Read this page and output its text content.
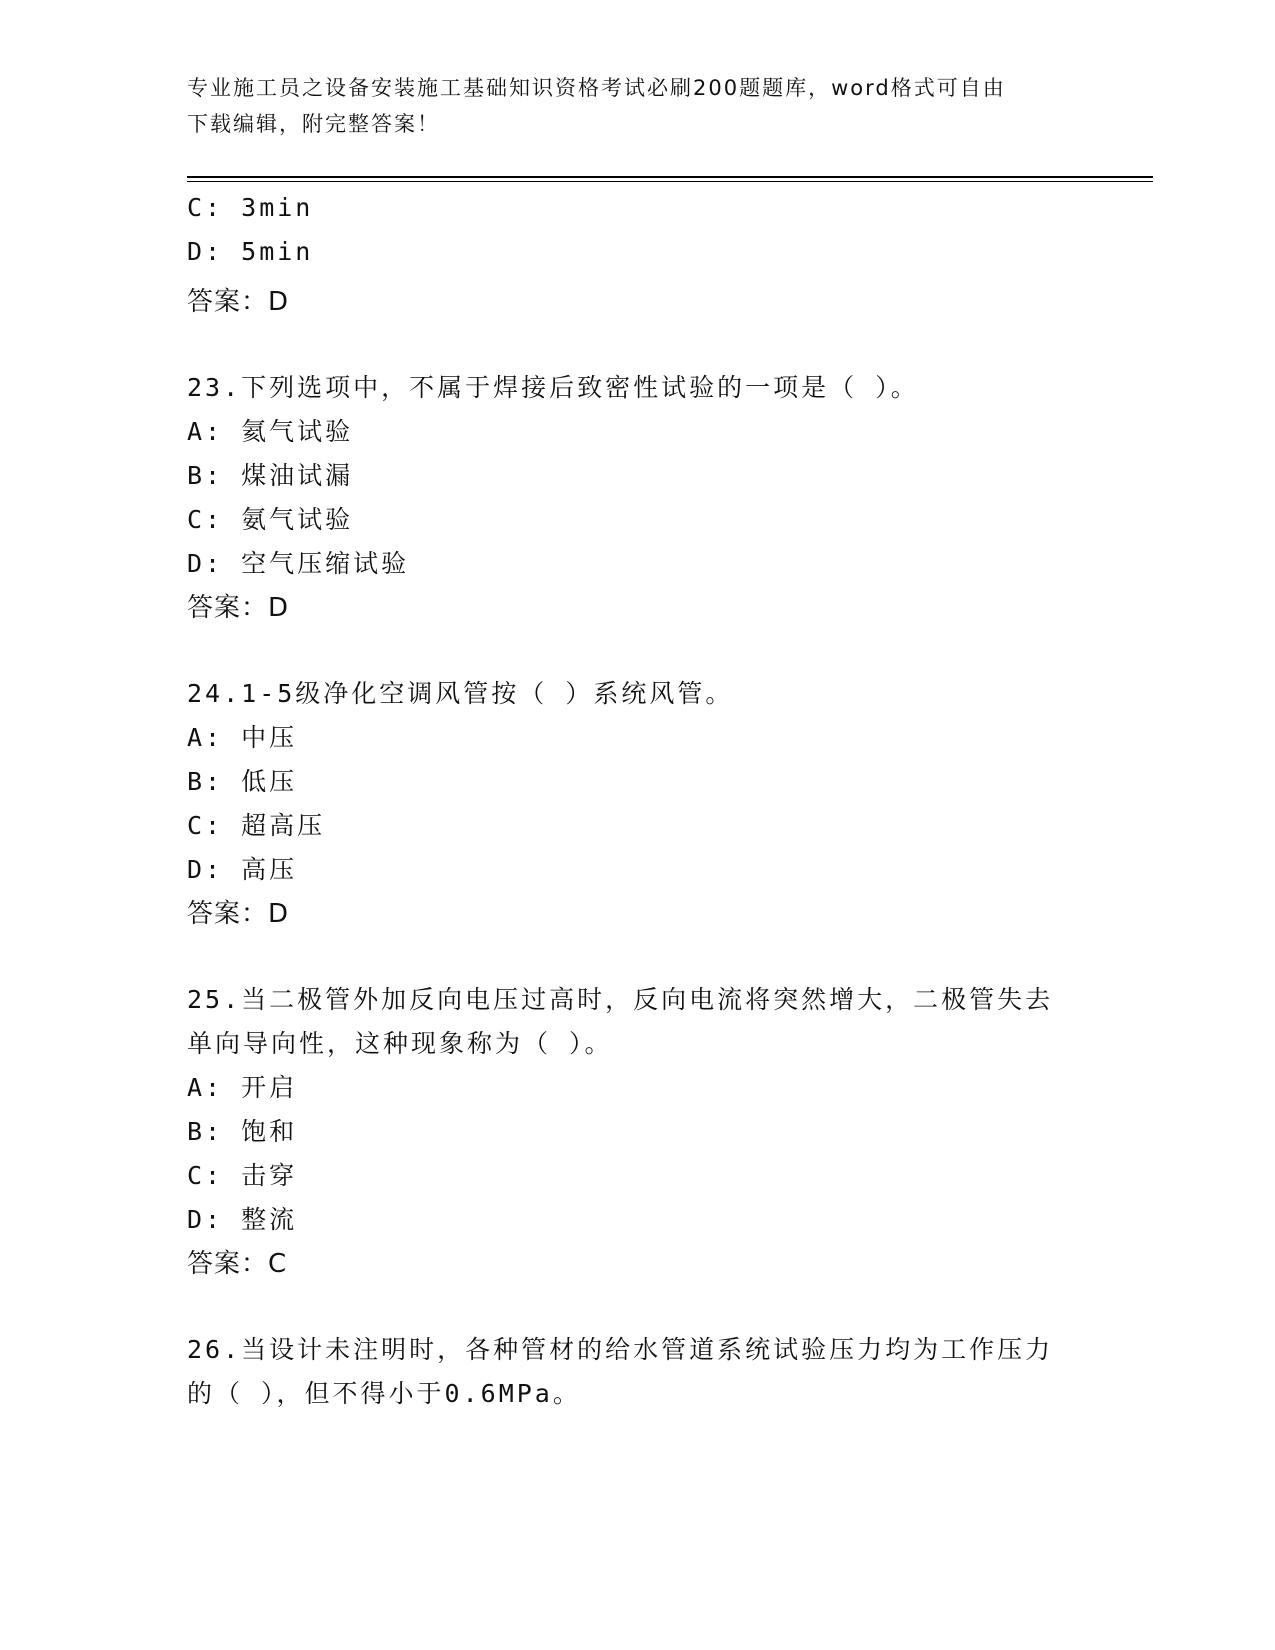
专业施工员之设备安装施工基础知识资格考试必刷200题题库，word格式可自由
下载编辑，附完整答案！
C: 3min
D: 5min
答案：D
23.下列选项中，不属于焊接后致密性试验的一项是（ ）。
A: 氦气试验
B: 煤油试漏
C: 氨气试验
D: 空气压缩试验
答案：D
24.1-5级净化空调风管按（ ）系统风管。
A: 中压
B: 低压
C: 超高压
D: 高压
答案：D
25.当二极管外加反向电压过高时，反向电流将突然增大，二极管失去
单向导向性，这种现象称为（ ）。
A: 开启
B: 饱和
C: 击穿
D: 整流
答案：C
26.当设计未注明时，各种管材的给水管道系统试验压力均为工作压力
的（ ），但不得小于0.6MPa。
